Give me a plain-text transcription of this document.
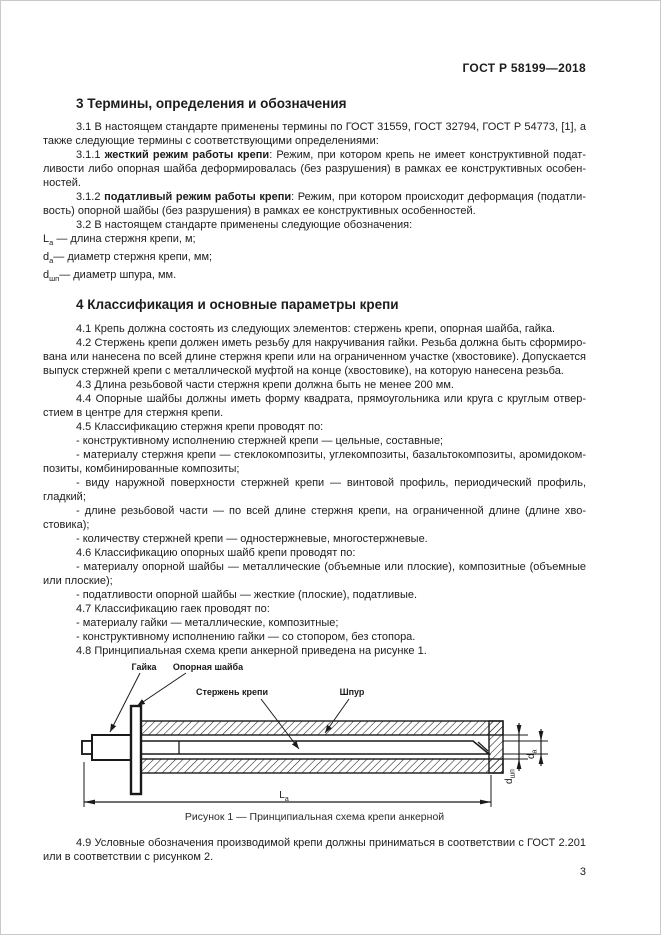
ГОСТ Р 58199—2018
3 Термины, определения и обозначения

3.1 В настоящем стандарте применены термины по ГОСТ 31559, ГОСТ 32794, ГОСТ Р 54773, [1], а также следующие термины с соответствующими определениями:

3.1.1 жесткий режим работы крепи: Режим, при котором крепь не имеет конструктивной податливости либо опорная шайба деформировалась (без разрушения) в рамках ее конструктивных особенностей.

3.1.2 податливый режим работы крепи: Режим, при котором происходит деформация (податливость) опорной шайбы (без разрушения) в рамках ее конструктивных особенностей.

3.2 В настоящем стандарте применены следующие обозначения:

$L_а$ — длина стержня крепи, м;

$d_а—$ диаметр стержня крепи, мм;

$d_{шп}—$ диаметр шпура, мм.

4 Классификация и основные параметры крепи

4.1 Крепь должна состоять из следующих элементов: стержень крепи, опорная шайба, гайка.

4.2 Стержень крепи должен иметь резьбу для накручивания гайки. Резьба должна быть сформирована или нанесена по всей длине стержня крепи или на ограниченном участке (хвостовике). Допускается выпуск стержней крепи с металлической муфтой на конце (хвостовике), на которую нанесена резьба.

4.3 Длина резьбовой части стержня крепи должна быть не менее 200 мм.

4.4 Опорные шайбы должны иметь форму квадрата, прямоугольника или круга с круглым отверстием в центре для стержня крепи.

4.5 Классификацию стержня крепи проводят по:

- конструктивному исполнению стержней крепи — цельные, составные;

- материалу стержня крепи — стеклокомпозиты, углекомпозиты, базальтокомпозиты, аромидокомпозиты, комбинированные композиты;

- виду наружной поверхности стержней крепи — винтовой профиль, периодический профиль, гладкий;

- длине резьбовой части — по всей длине стержня крепи, на ограниченной длине (длине хвостовика);

- количеству стержней крепи — одностержневые, многостержневые.

4.6 Классификацию опорных шайб крепи проводят по:

- материалу опорной шайбы — металлические (объемные или плоские), композитные (объемные или плоские);

- податливости опорной шайбы — жесткие (плоские), податливые.

4.7 Классификацию гаек проводят по:

- материалу гайки — металлические, композитные;

- конструктивному исполнению гайки — со стопором, без стопора.

4.8 Принципиальная схема крепи анкерной приведена на рисунке 1.

Гайка Опорная шайба
Стержень крепи	Шпур
$L_а$
$d_{шп}$
$d_а$

Рисунок 1 — Принципиальная схема крепи анкерной

4.9 Условные обозначения производимой крепи должны приниматься в соответствии с ГОСТ 2.201 или в соответствии с рисунком 2.

3
